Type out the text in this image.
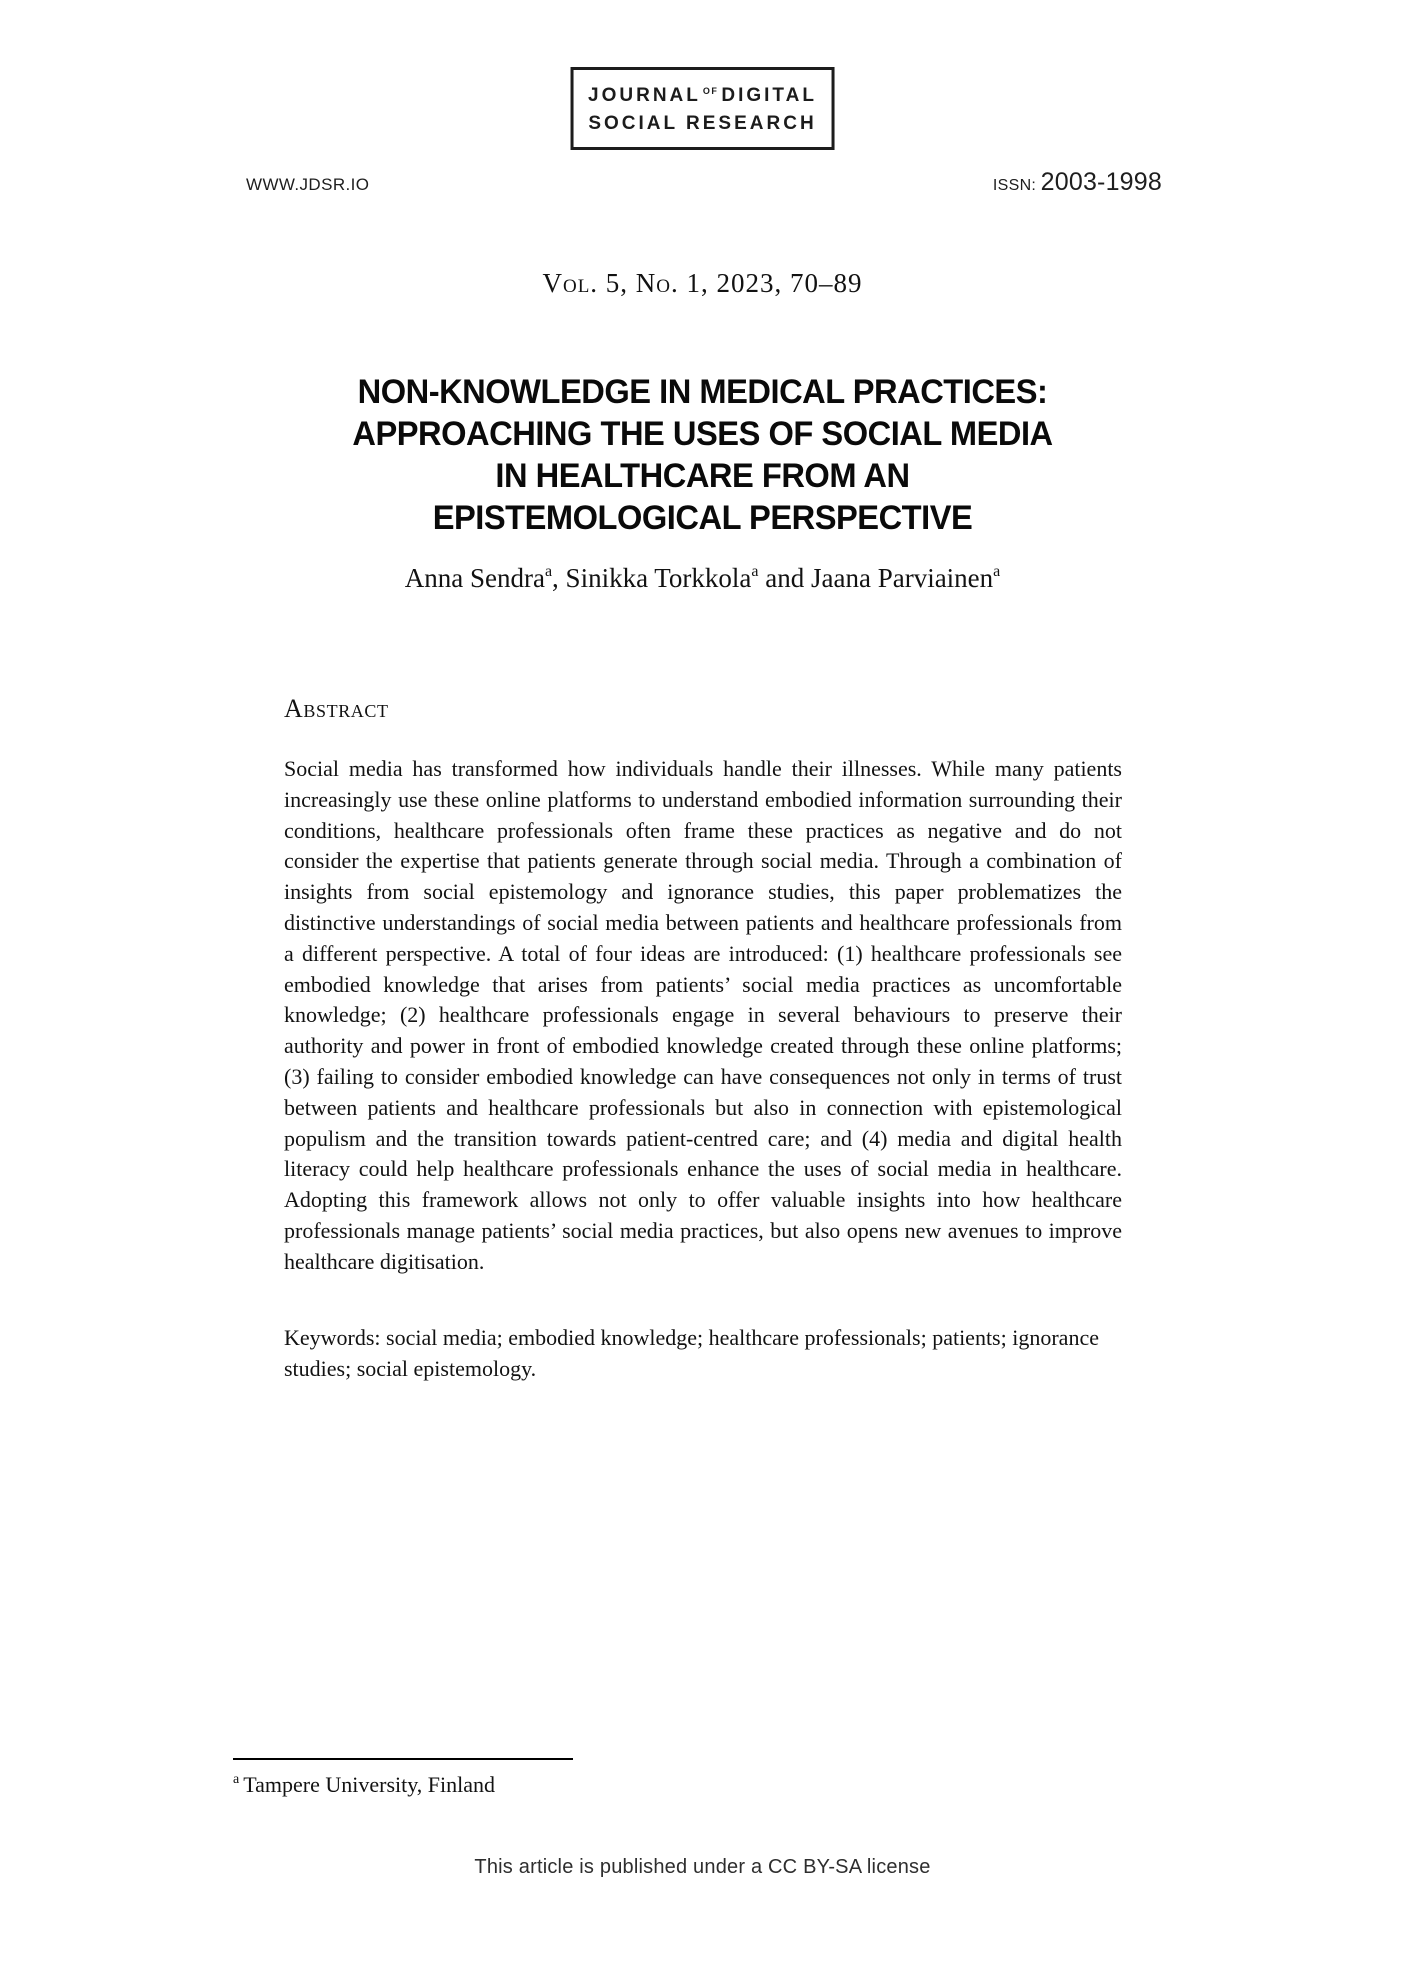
JOURNAL $^{OF}$ DIGITAL
SOCIAL RESEARCH
WWW.JDSR.IO	ISSN: 2003-1998
Vol. 5, No. 1, 2023, 70–89
NON-KNOWLEDGE IN MEDICAL PRACTICES:
APPROACHING THE USES OF SOCIAL MEDIA
IN HEALTHCARE FROM AN
EPISTEMOLOGICAL PERSPECTIVE
Anna Sendra$^a$, Sinikka Torkkola$^a$ and Jaana Parviainen$^a$
Abstract
Social media has transformed how individuals handle their illnesses. While many patients increasingly use these online platforms to understand embodied information surrounding their conditions, healthcare professionals often frame these practices as negative and do not consider the expertise that patients generate through social media. Through a combination of insights from social epistemology and ignorance studies, this paper problematizes the distinctive understandings of social media between patients and healthcare professionals from a different perspective. A total of four ideas are introduced: (1) healthcare professionals see embodied knowledge that arises from patients’ social media practices as uncomfortable knowledge; (2) healthcare professionals engage in several behaviours to preserve their authority and power in front of embodied knowledge created through these online platforms; (3) failing to consider embodied knowledge can have consequences not only in terms of trust between patients and healthcare professionals but also in connection with epistemological populism and the transition towards patient-centred care; and (4) media and digital health literacy could help healthcare professionals enhance the uses of social media in healthcare. Adopting this framework allows not only to offer valuable insights into how healthcare professionals manage patients’ social media practices, but also opens new avenues to improve healthcare digitisation.
Keywords: social media; embodied knowledge; healthcare professionals; patients; ignorance studies; social epistemology.
$^a$ Tampere University, Finland
This article is published under a CC BY-SA license
